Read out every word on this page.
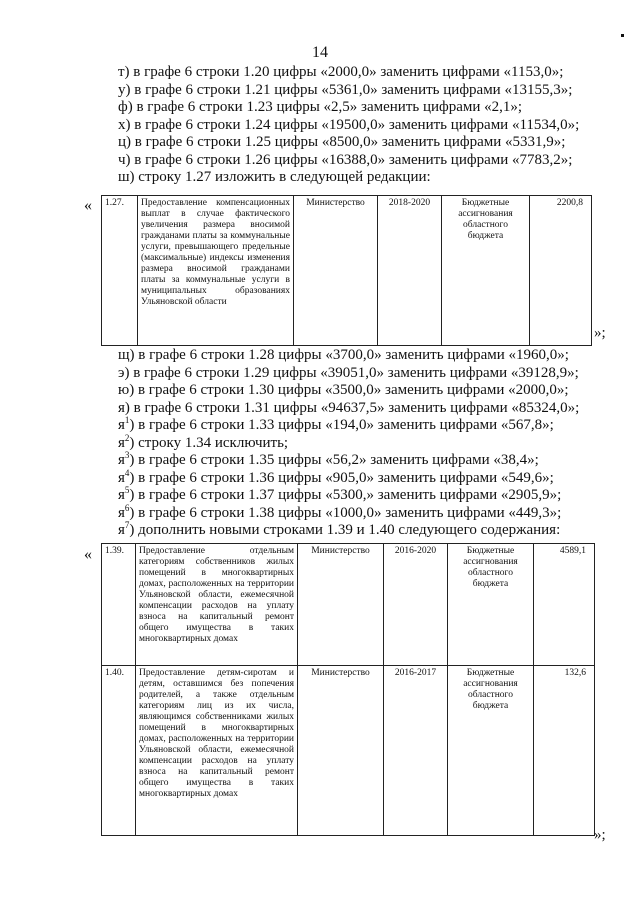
14
т) в графе 6 строки 1.20 цифры «2000,0» заменить цифрами «1153,0»;
у) в графе 6 строки 1.21 цифры «5361,0» заменить цифрами «13155,3»;
ф) в графе 6 строки 1.23 цифры «2,5» заменить цифрами «2,1»;
х) в графе 6 строки 1.24 цифры «19500,0» заменить цифрами «11534,0»;
ц) в графе 6 строки 1.25 цифры «8500,0» заменить цифрами «5331,9»;
ч) в графе 6 строки 1.26 цифры «16388,0» заменить цифрами «7783,2»;
ш) строку 1.27 изложить в следующей редакции:
« 1.27.	Предоставление компенсационных выплат в случае фактического увеличения размера вносимой гражданами платы за коммунальные услуги, превышающего предельные (максимальные) индексы изменения размера вносимой гражданами платы за коммунальные услуги в муниципальных образованиях Ульяновской области	Министерство	2018-2020	Бюджетные ассигнования областного бюджета	2200,8
»;
щ) в графе 6 строки 1.28 цифры «3700,0» заменить цифрами «1960,0»;
э) в графе 6 строки 1.29 цифры «39051,0» заменить цифрами «39128,9»;
ю) в графе 6 строки 1.30 цифры «3500,0» заменить цифрами «2000,0»;
я) в графе 6 строки 1.31 цифры «94637,5» заменить цифрами «85324,0»;
$я^1$) в графе 6 строки 1.33 цифры «194,0» заменить цифрами «567,8»;
$я^2$) строку 1.34 исключить;
$я^3$) в графе 6 строки 1.35 цифры «56,2» заменить цифрами «38,4»;
$я^4$) в графе 6 строки 1.36 цифры «905,0» заменить цифрами «549,6»;
$я^5$) в графе 6 строки 1.37 цифры «5300,» заменить цифрами «2905,9»;
$я^6$) в графе 6 строки 1.38 цифры «1000,0» заменить цифрами «449,3»;
$я^7$) дополнить новыми строками 1.39 и 1.40 следующего содержания:
« 1.39.	Предоставление отдельным категориям собственников жилых помещений в многоквартирных домах, расположенных на территории Ульяновской области, ежемесячной компенсации расходов на уплату взноса на капитальный ремонт общего имущества в таких многоквартирных домах	Министерство	2016-2020	Бюджетные ассигнования областного бюджета	4589,1
1.40.	Предоставление детям-сиротам и детям, оставшимся без попечения родителей, а также отдельным категориям лиц из их числа, являющимся собственниками жилых помещений в многоквартирных домах, расположенных на территории Ульяновской области, ежемесячной компенсации расходов на уплату взноса на капитальный ремонт общего имущества в таких многоквартирных домах	Министерство	2016-2017	Бюджетные ассигнования областного бюджета	132,6
»;
